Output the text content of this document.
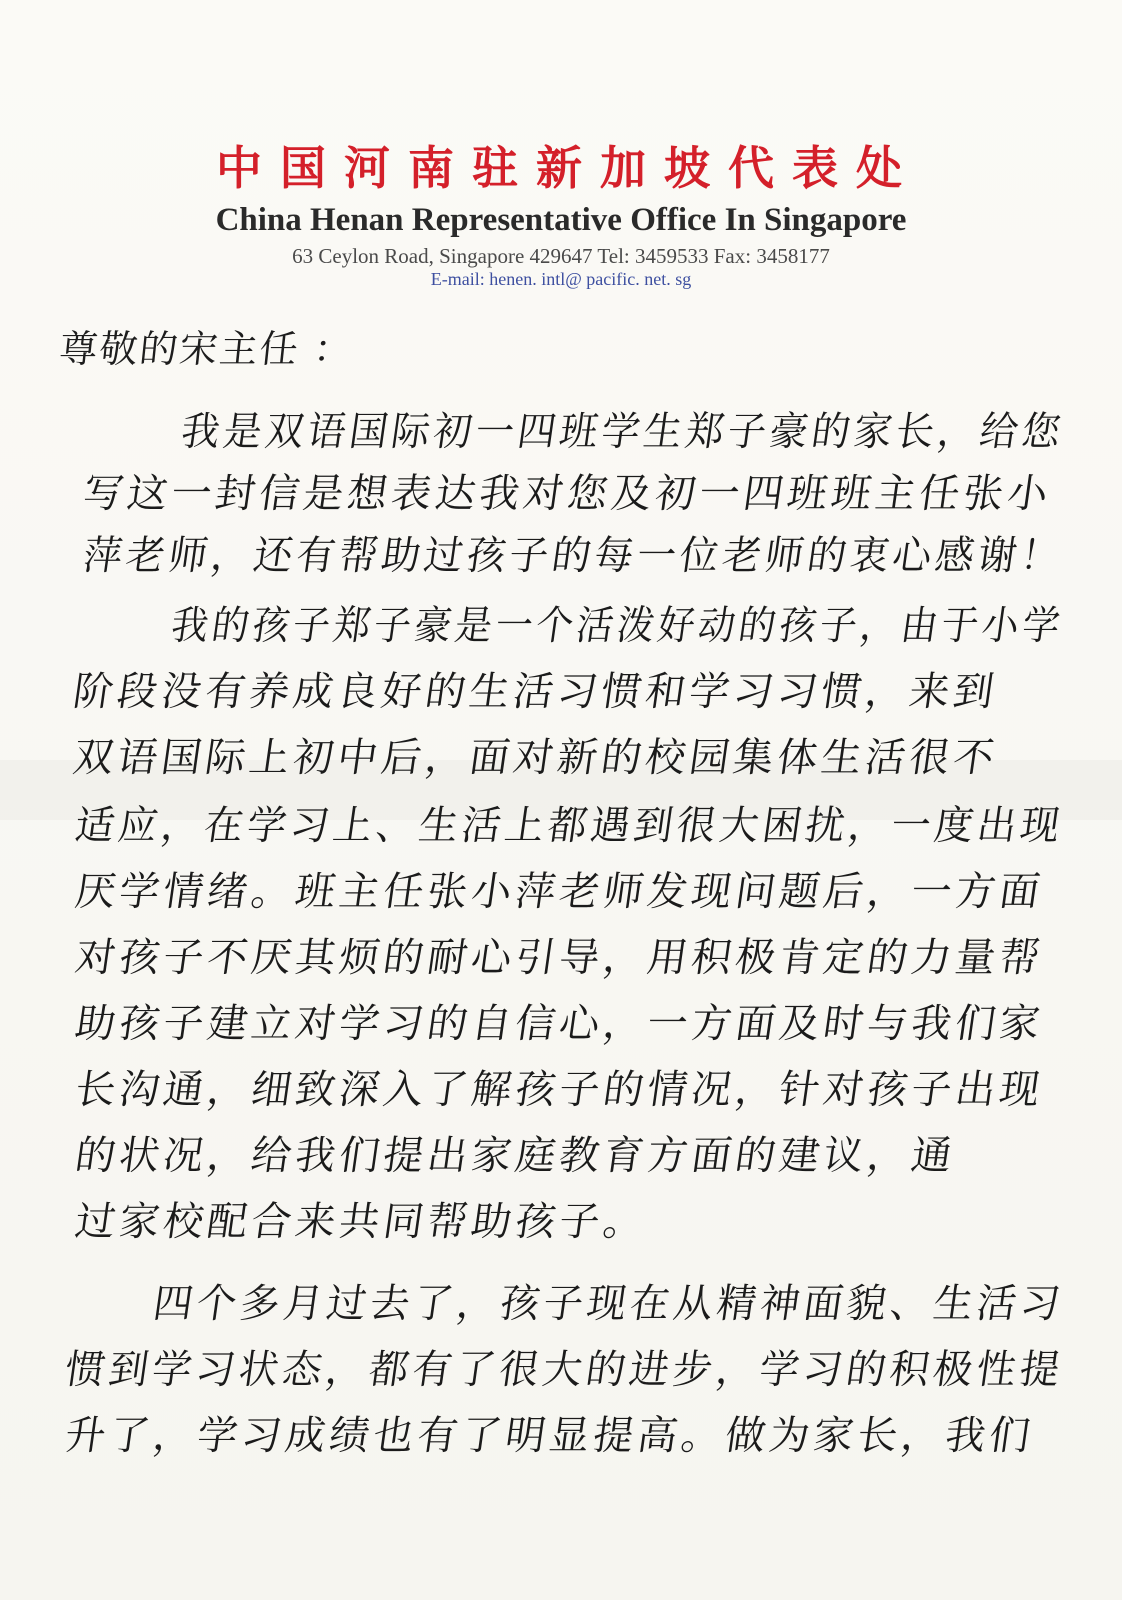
中国河南驻新加坡代表处
China Henan Representative Office In Singapore
63 Ceylon Road, Singapore 429647 Tel: 3459533 Fax: 3458177
E-mail: henen. intl@ pacific. net. sg
尊敬的宋主任 ：
我是双语国际初一四班学生郑子豪的家长，给您
写这一封信是想表达我对您及初一四班班主任张小
萍老师，还有帮助过孩子的每一位老师的衷心感谢！
我的孩子郑子豪是一个活泼好动的孩子，由于小学
阶段没有养成良好的生活习惯和学习习惯，来到
双语国际上初中后，面对新的校园集体生活很不
适应，在学习上、生活上都遇到很大困扰，一度出现
厌学情绪。班主任张小萍老师发现问题后，一方面
对孩子不厌其烦的耐心引导，用积极肯定的力量帮
助孩子建立对学习的自信心，一方面及时与我们家
长沟通，细致深入了解孩子的情况，针对孩子出现
的状况，给我们提出家庭教育方面的建议，通
过家校配合来共同帮助孩子。
四个多月过去了，孩子现在从精神面貌、生活习
惯到学习状态，都有了很大的进步，学习的积极性提
升了，学习成绩也有了明显提高。做为家长，我们
